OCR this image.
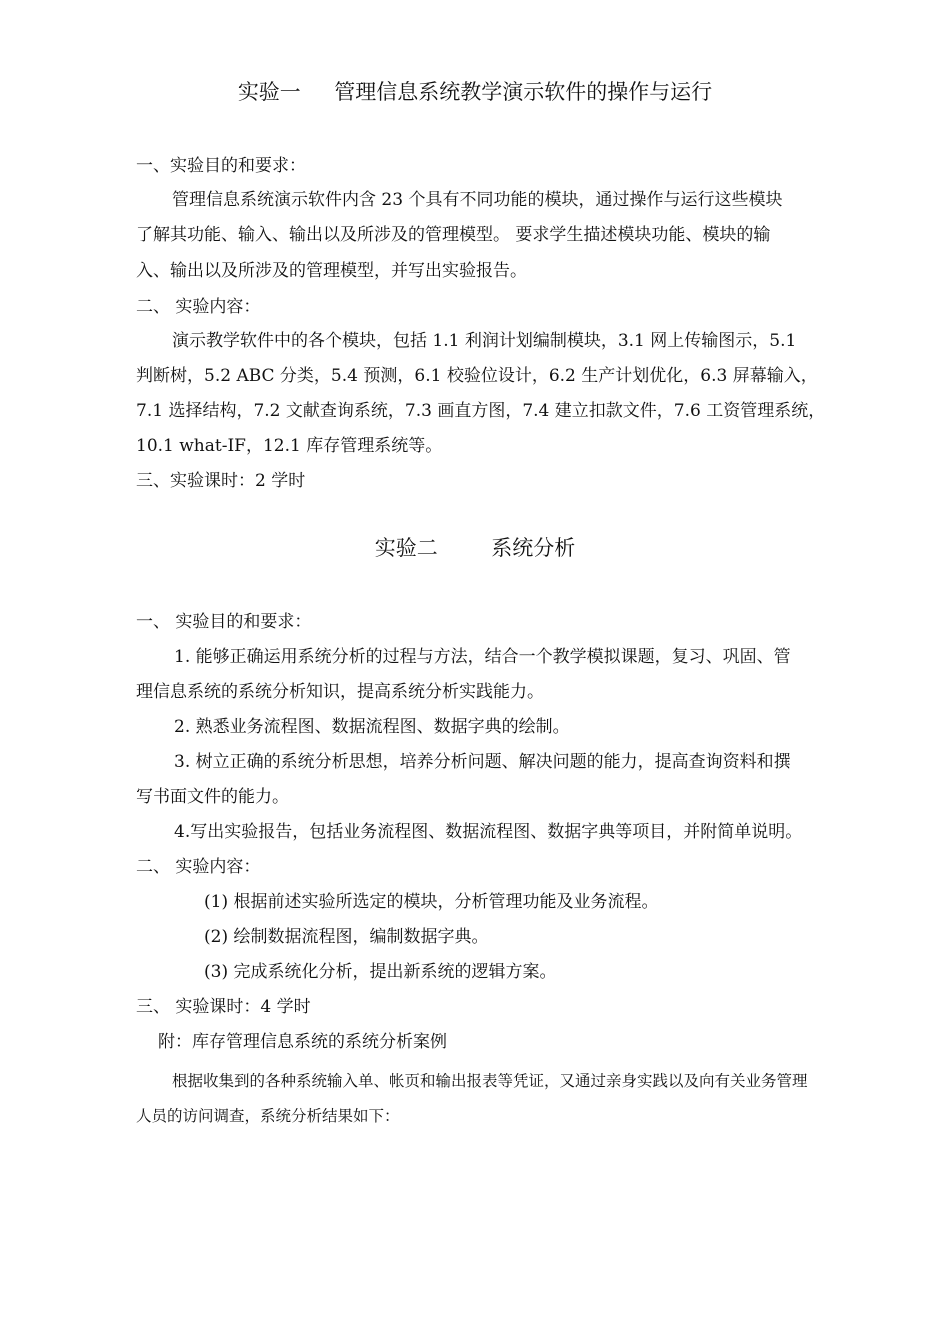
实验一     管理信息系统教学演示软件的操作与运行
一、实验目的和要求：
管理信息系统演示软件内含 23 个具有不同功能的模块，通过操作与运行这些模块
了解其功能、输入、输出以及所涉及的管理模型。 要求学生描述模块功能、模块的输
入、输出以及所涉及的管理模型，并写出实验报告。
二、 实验内容：
演示教学软件中的各个模块，包括 1.1 利润计划编制模块，3.1 网上传输图示，5.1
判断树，5.2 ABC 分类，5.4 预测，6.1 校验位设计，6.2 生产计划优化，6.3 屏幕输入，
7.1 选择结构，7.2 文献查询系统，7.3 画直方图，7.4 建立扣款文件，7.6 工资管理系统，
10.1 what-IF，12.1 库存管理系统等。
三、实验课时：2 学时
实验二        系统分析
一、 实验目的和要求：
1. 能够正确运用系统分析的过程与方法，结合一个教学模拟课题，复习、巩固、管
理信息系统的系统分析知识，提高系统分析实践能力。
2. 熟悉业务流程图、数据流程图、数据字典的绘制。
3. 树立正确的系统分析思想，培养分析问题、解决问题的能力，提高查询资料和撰
写书面文件的能力。
4.写出实验报告，包括业务流程图、数据流程图、数据字典等项目，并附简单说明。
二、 实验内容：
(1) 根据前述实验所选定的模块，分析管理功能及业务流程。
(2) 绘制数据流程图，编制数据字典。
(3) 完成系统化分析，提出新系统的逻辑方案。
三、 实验课时：4 学时
附：库存管理信息系统的系统分析案例
根据收集到的各种系统输入单、帐页和输出报表等凭证，又通过亲身实践以及向有关业务管理
人员的访问调查，系统分析结果如下：
